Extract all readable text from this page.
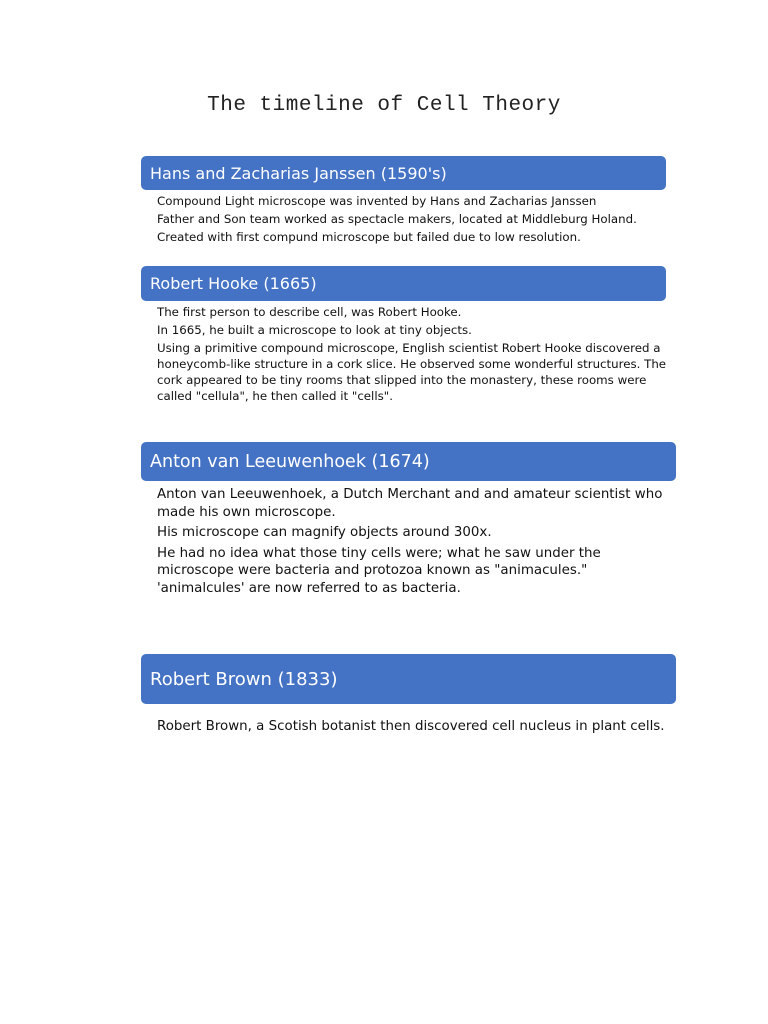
The timeline of Cell Theory
Hans and Zacharias Janssen (1590's)

Compound Light microscope was invented by Hans and Zacharias Janssen

Father and Son team worked as spectacle makers, located at Middleburg Holand.

Created with first compund microscope but failed due to low resolution.

Robert Hooke (1665)

The first person to describe cell, was Robert Hooke.

In 1665, he built a microscope to look at tiny objects.

Using a primitive compound microscope, English scientist Robert Hooke discovered a honeycomb-like structure in a cork slice. He observed some wonderful structures. The cork appeared to be tiny rooms that slipped into the monastery, these rooms were called "cellula", he then called it "cells".

Anton van Leeuwenhoek (1674)

Anton van Leeuwenhoek, a Dutch Merchant and and amateur scientist who made his own microscope.

His microscope can magnify objects around 300x.

He had no idea what those tiny cells were; what he saw under the microscope were bacteria and protozoa known as "animacules." 'animalcules' are now referred to as bacteria.

Robert Brown (1833)

Robert Brown, a Scotish botanist then discovered cell nucleus in plant cells.
